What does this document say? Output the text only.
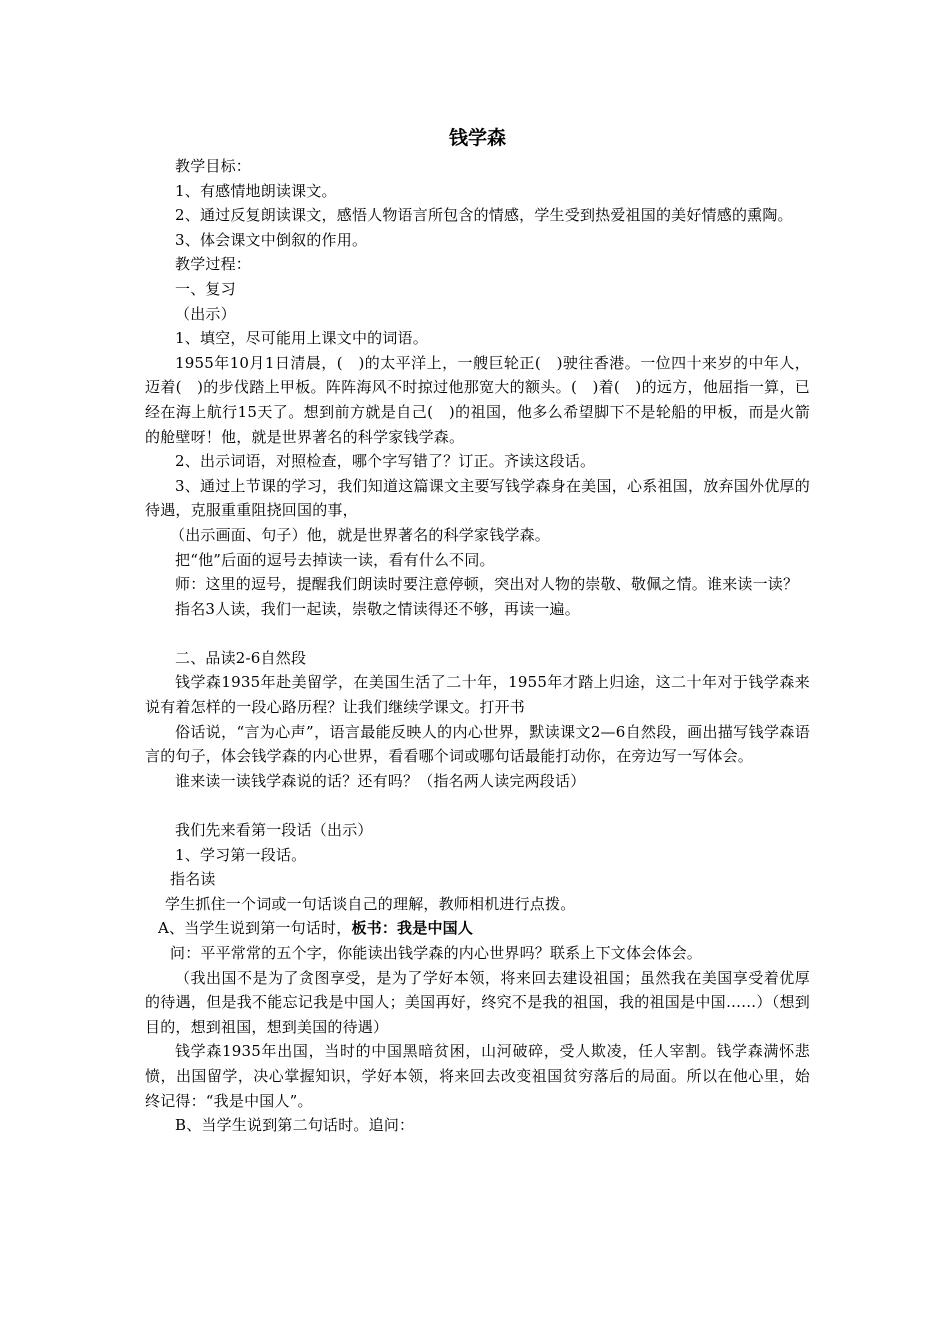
钱学森

教学目标：

1、有感情地朗读课文。

2、通过反复朗读课文，感悟人物语言所包含的情感，学生受到热爱祖国的美好情感的熏陶。

3、体会课文中倒叙的作用。

教学过程：

一、复习

（出示）

1、填空，尽可能用上课文中的词语。

1955年10月1日清晨，(　)的太平洋上，一艘巨轮正(　)驶往香港。一位四十来岁的中年人，迈着(　)的步伐踏上甲板。阵阵海风不时掠过他那宽大的额头。(　)着(　)的远方，他屈指一算，已经在海上航行15天了。想到前方就是自己(　)的祖国，他多么希望脚下不是轮船的甲板，而是火箭的舱壁呀！他，就是世界著名的科学家钱学森。

2、出示词语，对照检查，哪个字写错了？订正。齐读这段话。

3、通过上节课的学习，我们知道这篇课文主要写钱学森身在美国，心系祖国，放弃国外优厚的待遇，克服重重阻挠回国的事，

（出示画面、句子）他，就是世界著名的科学家钱学森。

把“他”后面的逗号去掉读一读，看有什么不同。

师：这里的逗号，提醒我们朗读时要注意停顿，突出对人物的崇敬、敬佩之情。谁来读一读？

指名3人读，我们一起读，崇敬之情读得还不够，再读一遍。

二、品读2-6自然段

钱学森1935年赴美留学，在美国生活了二十年，1955年才踏上归途，这二十年对于钱学森来说有着怎样的一段心路历程？让我们继续学课文。打开书

俗话说，“言为心声”，语言最能反映人的内心世界，默读课文2—6自然段，画出描写钱学森语言的句子，体会钱学森的内心世界，看看哪个词或哪句话最能打动你，在旁边写一写体会。

谁来读一读钱学森说的话？还有吗？（指名两人读完两段话）

我们先来看第一段话（出示）

1、学习第一段话。

指名读

学生抓住一个词或一句话谈自己的理解，教师相机进行点拨。

A、当学生说到第一句话时，板书：我是中国人

问：平平常常的五个字，你能读出钱学森的内心世界吗？联系上下文体会体会。

（我出国不是为了贪图享受，是为了学好本领，将来回去建设祖国；虽然我在美国享受着优厚的待遇，但是我不能忘记我是中国人；美国再好，终究不是我的祖国，我的祖国是中国……）（想到目的，想到祖国，想到美国的待遇）

钱学森1935年出国，当时的中国黑暗贫困，山河破碎，受人欺凌，任人宰割。钱学森满怀悲愤，出国留学，决心掌握知识，学好本领，将来回去改变祖国贫穷落后的局面。所以在他心里，始终记得：“我是中国人”。

B、当学生说到第二句话时。追问：
